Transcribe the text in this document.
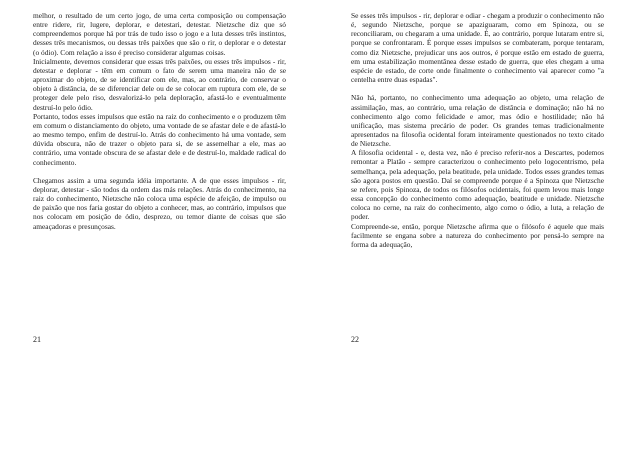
melhor, o resultado de um certo jogo, de uma certa composição ou compensação entre ridere, rir, lugere, deplorar, e detestari, detestar. Nietzsche diz que só compreendemos porque há por trás de tudo isso o jogo e a luta desses três instintos, desses três mecanismos, ou dessas três paixões que são o rir, o deplorar e o detestar (o ódio). Com relação a isso é preciso considerar algumas coisas.

Inicialmente, devemos considerar que essas três paixões, ou esses três impulsos - rir, detestar e deplorar - têm em comum o fato de serem uma maneira não de se aproximar do objeto, de se identificar com ele, mas, ao contrário, de conservar o objeto à distância, de se diferenciar dele ou de se colocar em ruptura com ele, de se proteger dele pelo riso, desvalorizá-lo pela deploração, afastá-lo e eventualmente destruí-lo pelo ódio.

Portanto, todos esses impulsos que estão na raiz do conhecimento e o produzem têm em comum o distanciamento do objeto, uma vontade de se afastar dele e de afastá-lo ao mesmo tempo, enfim de destruí-lo. Atrás do conhecimento há uma vontade, sem dúvida obscura, não de trazer o objeto para si, de se assemelhar a ele, mas ao contrário, uma vontade obscura de se afastar dele e de destruí-lo, maldade radical do conhecimento.

Chegamos assim a uma segunda idéia importante. A de que esses impulsos - rir, deplorar, detestar - são todos da ordem das más relações. Atrás do conhecimento, na raiz do conhecimento, Nietzsche não coloca uma espécie de afeição, de impulso ou de paixão que nos faria gostar do objeto a conhecer, mas, ao contrário, impulsos que nos colocam em posição de ódio, desprezo, ou temor diante de coisas que são ameaçadoras e presunçosas.

21

Se esses três impulsos - rir, deplorar e odiar - chegam a produzir o conhecimento não é, segundo Nietzsche, porque se apaziguaram, como em Spinoza, ou se reconciliaram, ou chegaram a uma unidade. É, ao contrário, porque lutaram entre si, porque se confrontaram. É porque esses impulsos se combateram, porque tentaram, como diz Nietzsche, prejudicar uns aos outros, é porque estão em estado de guerra, em uma estabilização momentânea desse estado de guerra, que eles chegam a uma espécie de estado, de corte onde finalmente o conhecimento vai aparecer como "a centelha entre duas espadas".

Não há, portanto, no conhecimento uma adequação ao objeto, uma relação de assimilação, mas, ao contrário, uma relação de distância e dominação; não há no conhecimento algo como felicidade e amor, mas ódio e hostilidade; não há unificação, mas sistema precário de poder. Os grandes temas tradicionalmente apresentados na filosofia ocidental foram inteiramente questionados no texto citado de Nietzsche.

A filosofia ocidental - e, desta vez, não é preciso referir-nos a Descartes, podemos remontar a Platão - sempre caracterizou o conhecimento pelo logocentrismo, pela semelhança, pela adequação, pela beatitude, pela unidade. Todos esses grandes temas são agora postos em questão. Daí se compreende porque é a Spinoza que Nietzsche se refere, pois Spinoza, de todos os filósofos ocidentais, foi quem levou mais longe essa concepção do conhecimento como adequação, beatitude e unidade. Nietzsche coloca no cerne, na raiz do conhecimento, algo como o ódio, a luta, a relação de poder.

Compreende-se, então, porque Nietzsche afirma que o filósofo é aquele que mais facilmente se engana sobre a natureza do conhecimento por pensá-lo sempre na forma da adequação,

22
